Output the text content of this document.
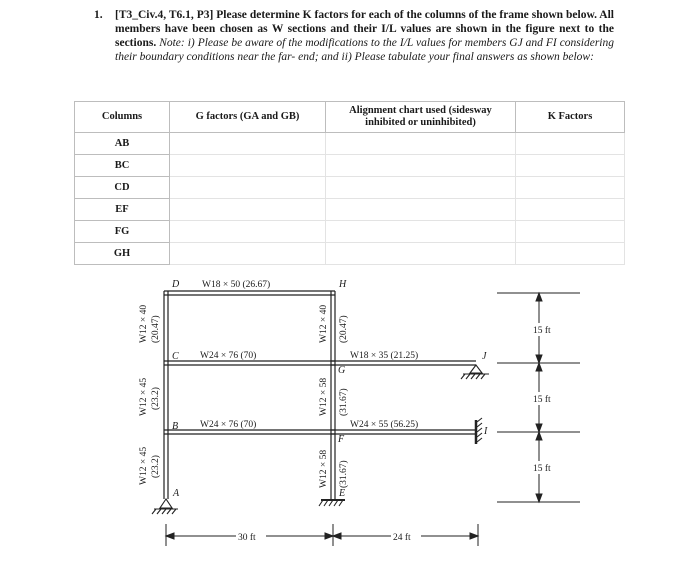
1. [T3_Civ.4, T6.1, P3] Please determine K factors for each of the columns of the frame shown below. All members have been chosen as W sections and their I/L values are shown in the figure next to the sections. Note: i) Please be aware of the modifications to the I/L values for members GJ and FI considering their boundary conditions near the far- end; and ii) Please tabulate your final answers as shown below:
Columns	G factors (GA and GB)	Alignment chart used (sidesway
inhibited or uninhibited)	K Factors
AB			
BC			
CD			
EF			
FG			
GH			
D	H
C
G
J
B
F
I
A	E
W18 × 50 (26.67)
W24 × 76 (70)	W18 × 35 (21.25)
W24 × 76 (70)	W24 × 55 (56.25)
W12 × 40 (20.47)
W12 × 45 (23.2)
W12 × 45 (23.2)
W12 × 40 (20.47)
W12 × 58 (31.67)
W12 × 58 (31.67)
15 ft
15 ft
15 ft
30 ft	24 ft
